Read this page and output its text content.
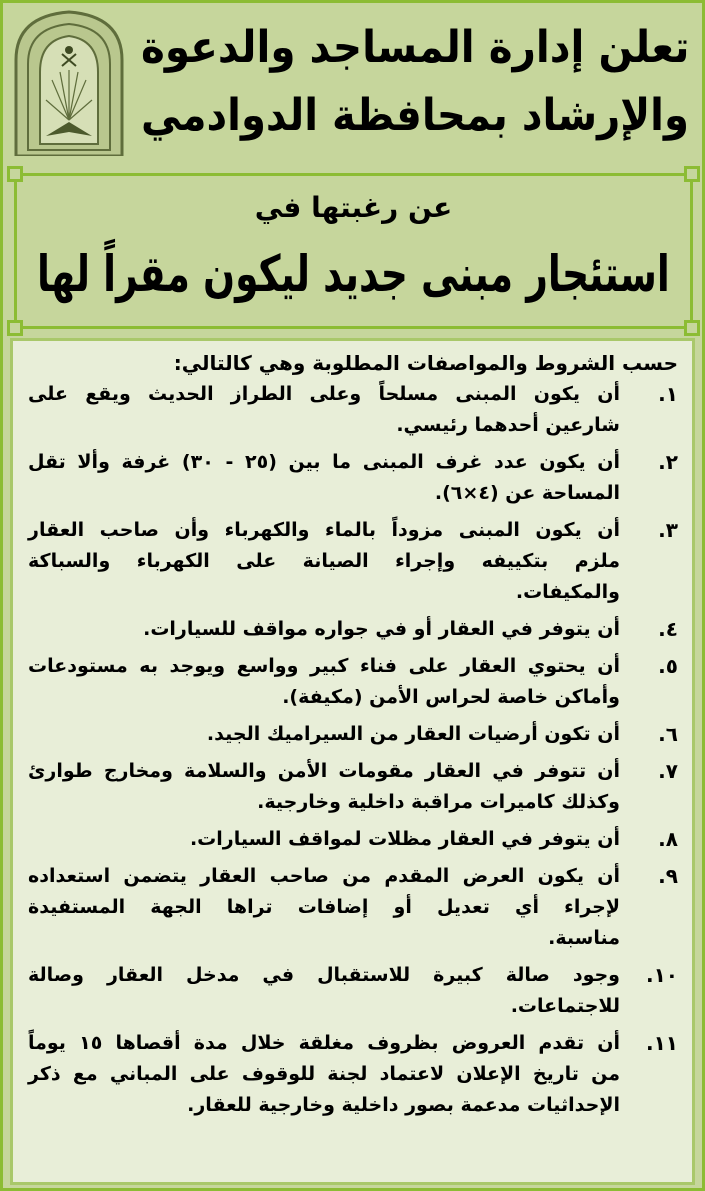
تعلن إدارة المساجد والدعوة
والإرشاد بمحافظة الدوادمي
عن رغبتها في
استئجار مبنى جديد ليكون مقراً لها
حسب الشروط والمواصفات المطلوبة وهي كالتالي:
١.
أن يكون المبنى مسلحاً وعلى الطراز الحديث ويقع على
شارعين أحدهما رئيسي.
٢.
أن يكون عدد غرف المبنى ما بين (٢٥ - ٣٠) غرفة وألا تقل
المساحة عن (٤×٦).
٣.
أن يكون المبنى مزوداً بالماء والكهرباء وأن صاحب العقار
ملزم بتكييفه وإجراء الصيانة على الكهرباء والسباكة
والمكيفات.
٤.
أن يتوفر في العقار أو في جواره مواقف للسيارات.
٥.
أن يحتوي العقار على فناء كبير وواسع ويوجد به مستودعات
وأماكن خاصة لحراس الأمن (مكيفة).
٦.
أن تكون أرضيات العقار من السيراميك الجيد.
٧.
أن تتوفر في العقار مقومات الأمن والسلامة ومخارج طوارئ
وكذلك كاميرات مراقبة داخلية وخارجية.
٨.
أن يتوفر في العقار مظلات لمواقف السيارات.
٩.
أن يكون العرض المقدم من صاحب العقار يتضمن استعداده
لإجراء أي تعديل أو إضافات تراها الجهة المستفيدة
مناسبة.
١٠.
وجود صالة كبيرة للاستقبال في مدخل العقار وصالة
للاجتماعات.
١١.
أن تقدم العروض بظروف مغلقة خلال مدة أقصاها ١٥ يوماً
من تاريخ الإعلان لاعتماد لجنة للوقوف على المباني مع ذكر
الإحداثيات مدعمة بصور داخلية وخارجية للعقار.
